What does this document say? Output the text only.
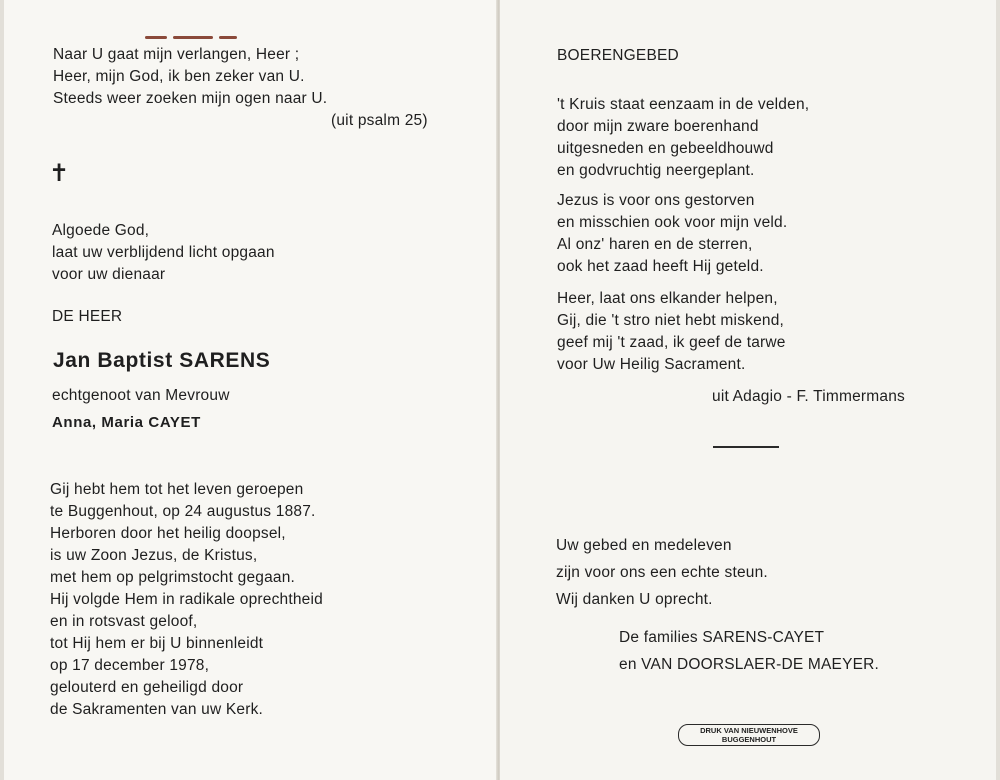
Naar U gaat mijn verlangen, Heer ;
Heer, mijn God, ik ben zeker van U.
Steeds weer zoeken mijn ogen naar U.
(uit psalm 25)
✝
Algoede God,
laat uw verblijdend licht opgaan
voor uw dienaar
DE HEER
Jan Baptist SARENS
echtgenoot van Mevrouw
Anna, Maria CAYET
Gij hebt hem tot het leven geroepen
te Buggenhout, op 24 augustus 1887.
Herboren door het heilig doopsel,
is uw Zoon Jezus, de Kristus,
met hem op pelgrimstocht gegaan.
Hij volgde Hem in radikale oprechtheid
en in rotsvast geloof,
tot Hij hem er bij U binnenleidt
op 17 december 1978,
gelouterd en geheiligd door
de Sakramenten van uw Kerk.
BOERENGEBED
't Kruis staat eenzaam in de velden,
door mijn zware boerenhand
uitgesneden en gebeeldhouwd
en godvruchtig neergeplant.
Jezus is voor ons gestorven
en misschien ook voor mijn veld.
Al onz' haren en de sterren,
ook het zaad heeft Hij geteld.
Heer, laat ons elkander helpen,
Gij, die 't stro niet hebt miskend,
geef mij 't zaad, ik geef de tarwe
voor Uw Heilig Sacrament.
uit Adagio - F. Timmermans
Uw gebed en medeleven
zijn voor ons een echte steun.
Wij danken U oprecht.
De families SARENS-CAYET
en VAN DOORSLAER-DE MAEYER.
DRUK VAN NIEUWENHOVE
BUGGENHOUT
